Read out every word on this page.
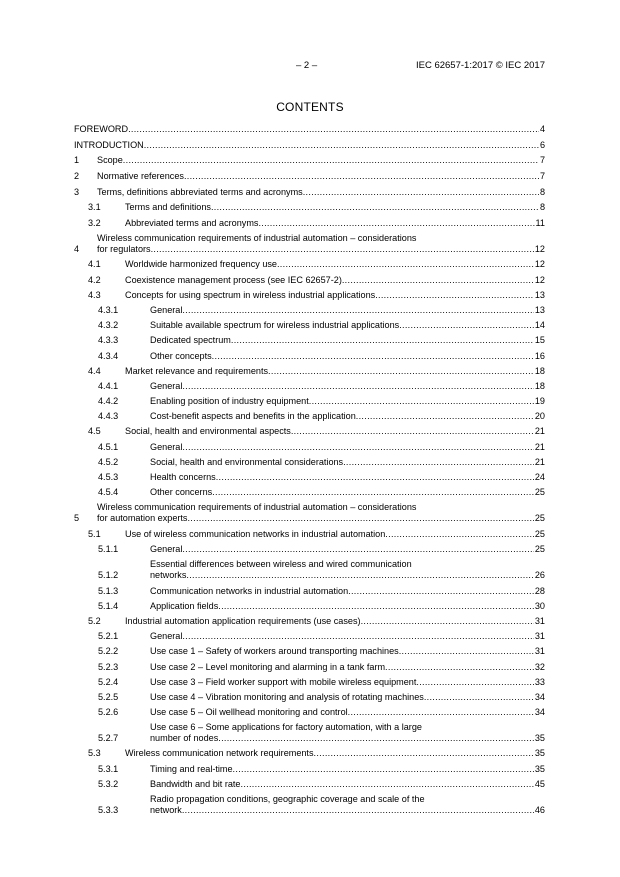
– 2 –	IEC 62657-1:2017 © IEC 2017
CONTENTS
FOREWORD .....	4
INTRODUCTION .....	6
1	Scope .....	7
2	Normative references .....	7
3	Terms, definitions abbreviated terms and acronyms .....	8
3.1	Terms and definitions .....	8
3.2	Abbreviated terms and acronyms .....	11
4
Wireless communication requirements of industrial automation – considerations
for regulators .....	12
4.1	Worldwide harmonized frequency use .....	12
4.2	Coexistence management process (see IEC 62657-2) .....	12
4.3	Concepts for using spectrum in wireless industrial applications .....	13
4.3.1	General .....	13
4.3.2	Suitable available spectrum for wireless industrial applications .....	14
4.3.3	Dedicated spectrum .....	15
4.3.4	Other concepts .....	16
4.4	Market relevance and requirements .....	18
4.4.1	General .....	18
4.4.2	Enabling position of industry equipment .....	19
4.4.3	Cost-benefit aspects and benefits in the application .....	20
4.5	Social, health and environmental aspects .....	21
4.5.1	General .....	21
4.5.2	Social, health and environmental considerations .....	21
4.5.3	Health concerns .....	24
4.5.4	Other concerns .....	25
5
Wireless communication requirements of industrial automation – considerations
for automation experts .....	25
5.1	Use of wireless communication networks in industrial automation .....	25
5.1.1	General .....	25
5.1.2
Essential differences between wireless and wired communication
networks .....	26
5.1.3	Communication networks in industrial automation .....	28
5.1.4	Application fields .....	30
5.2	Industrial automation application requirements (use cases) .....	31
5.2.1	General .....	31
5.2.2	Use case 1 – Safety of workers around transporting machines .....	31
5.2.3	Use case 2 – Level monitoring and alarming in a tank farm .....	32
5.2.4	Use case 3 – Field worker support with mobile wireless equipment .....	33
5.2.5	Use case 4 – Vibration monitoring and analysis of rotating machines .....	34
5.2.6	Use case 5 – Oil wellhead monitoring and control .....	34
5.2.7
Use case 6 – Some applications for factory automation, with a large
number of nodes .....	35
5.3	Wireless communication network requirements .....	35
5.3.1	Timing and real-time .....	35
5.3.2	Bandwidth and bit rate .....	45
5.3.3
Radio propagation conditions, geographic coverage and scale of the
network .....	46
